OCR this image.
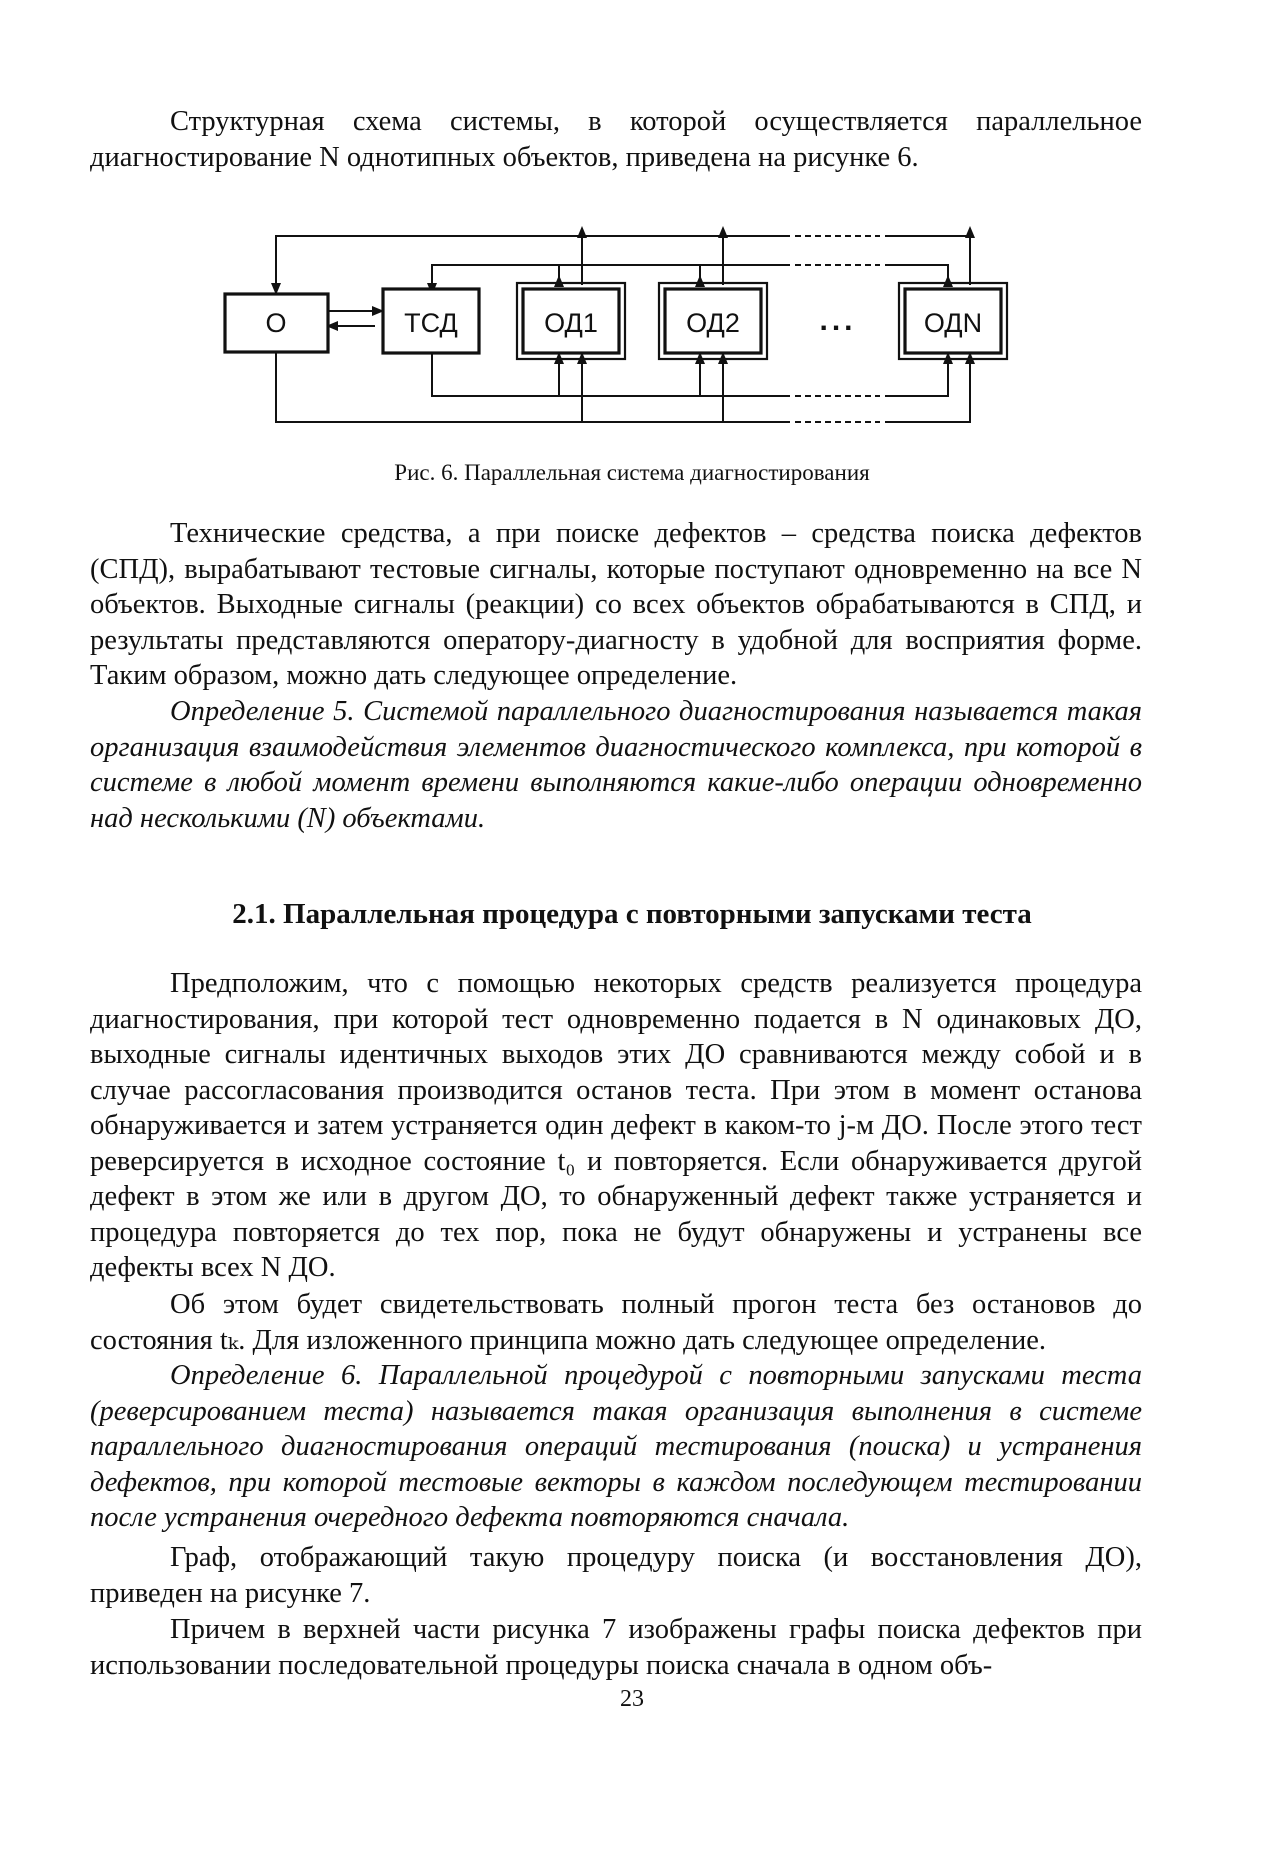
Структурная схема системы, в которой осуществляется параллельное диагностирование N однотипных объектов, приведена на рисунке 6.

О	ТСД	ОД1	ОД2	ОДN
...

Рис. 6. Параллельная система диагностирования

Технические средства, а при поиске дефектов – средства поиска дефектов (СПД), вырабатывают тестовые сигналы, которые поступают одновременно на все N объектов. Выходные сигналы (реакции) со всех объектов обрабатываются в СПД, и результаты представляются оператору-диагносту в удобной для восприятия форме. Таким образом, можно дать следующее определение.

Определение 5. Системой параллельного диагностирования называется такая организация взаимодействия элементов диагностического комплекса, при которой в системе в любой момент времени выполняются какие-либо операции одновременно над несколькими (N) объектами.

2.1. Параллельная процедура с повторными запусками теста

Предположим, что с помощью некоторых средств реализуется процедура диагностирования, при которой тест одновременно подается в N одинаковых ДО, выходные сигналы идентичных выходов этих ДО сравниваются между собой и в случае рассогласования производится останов теста. При этом в момент останова обнаруживается и затем устраняется один дефект в каком-то j-м ДО. После этого тест реверсируется в исходное состояние t₀ и повторяется. Если обнаруживается другой дефект в этом же или в другом ДО, то обнаруженный дефект также устраняется и процедура повторяется до тех пор, пока не будут обнаружены и устранены все дефекты всех N ДО.

Об этом будет свидетельствовать полный прогон теста без остановов до состояния tₖ. Для изложенного принципа можно дать следующее определение.

Определение 6. Параллельной процедурой с повторными запусками теста (реверсированием теста) называется такая организация выполнения в системе параллельного диагностирования операций тестирования (поиска) и устранения дефектов, при которой тестовые векторы в каждом последующем тестировании после устранения очередного дефекта повторяются сначала.

Граф, отображающий такую процедуру поиска (и восстановления ДО), приведен на рисунке 7.

Причем в верхней части рисунка 7 изображены графы поиска дефектов при использовании последовательной процедуры поиска сначала в одном объ-

23
